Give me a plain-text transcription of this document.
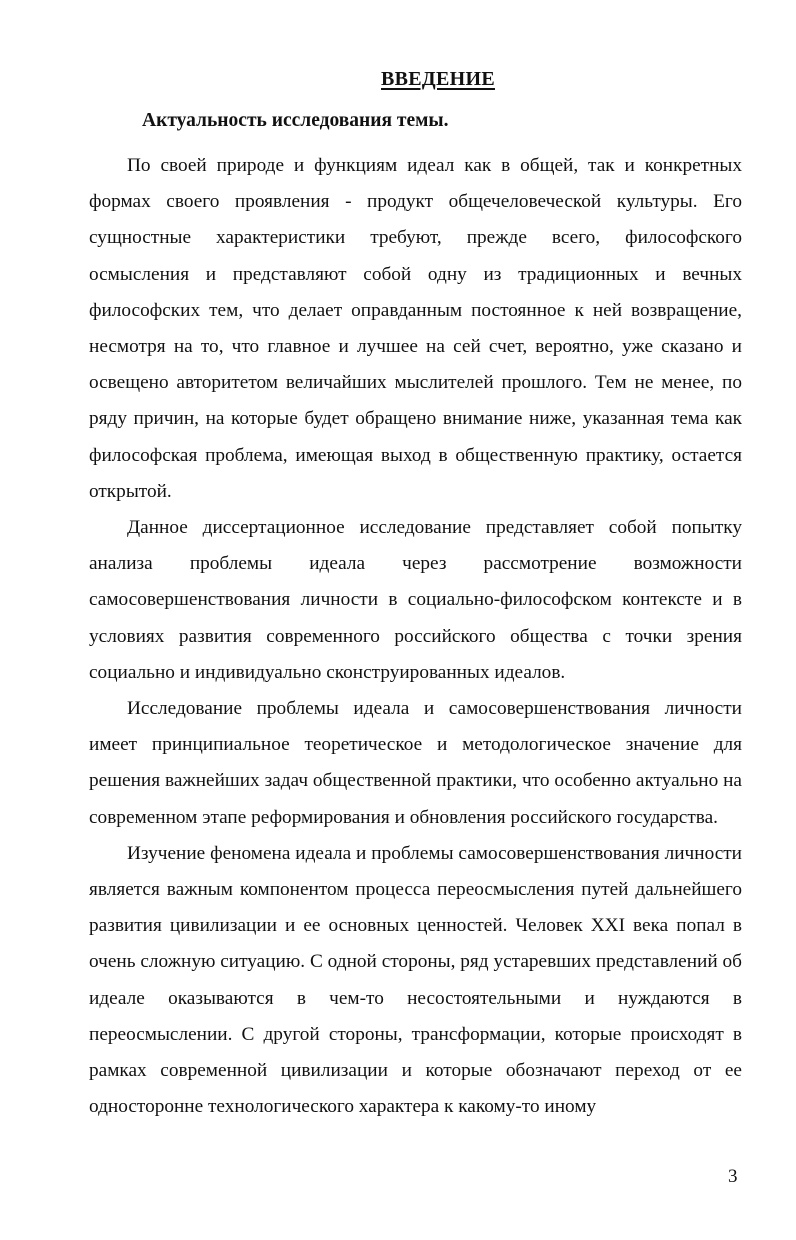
ВВЕДЕНИЕ
Актуальность исследования темы.

По своей природе и функциям идеал как в общей, так и конкретных формах своего проявления - продукт общечеловеческой культуры. Его сущностные характеристики требуют, прежде всего, философского осмысления и представляют собой одну из традиционных и вечных философских тем, что делает оправданным постоянное к ней возвращение, несмотря на то, что главное и лучшее на сей счет, вероятно, уже сказано и освещено авторитетом величайших мыслителей прошлого. Тем не менее, по ряду причин, на которые будет обращено внимание ниже, указанная тема как философская проблема, имеющая выход в общественную практику, остается открытой.

Данное диссертационное исследование представляет собой попытку анализа проблемы идеала через рассмотрение возможности самосовершенствования личности в социально-философском контексте и в условиях развития современного российского общества с точки зрения социально и индивидуально сконструированных идеалов.

Исследование проблемы идеала и самосовершенствования личности имеет принципиальное теоретическое и методологическое значение для решения важнейших задач общественной практики, что особенно актуально на современном этапе реформирования и обновления российского государства.

Изучение феномена идеала и проблемы самосовершенствования личности является важным компонентом процесса переосмысления путей дальнейшего развития цивилизации и ее основных ценностей. Человек XXI века попал в очень сложную ситуацию. С одной стороны, ряд устаревших представлений об идеале оказываются в чем-то несостоятельными и нуждаются в переосмыслении. С другой стороны, трансформации, которые происходят в рамках современной цивилизации и которые обозначают переход от ее односторонне технологического характера к какому-то иному

3
